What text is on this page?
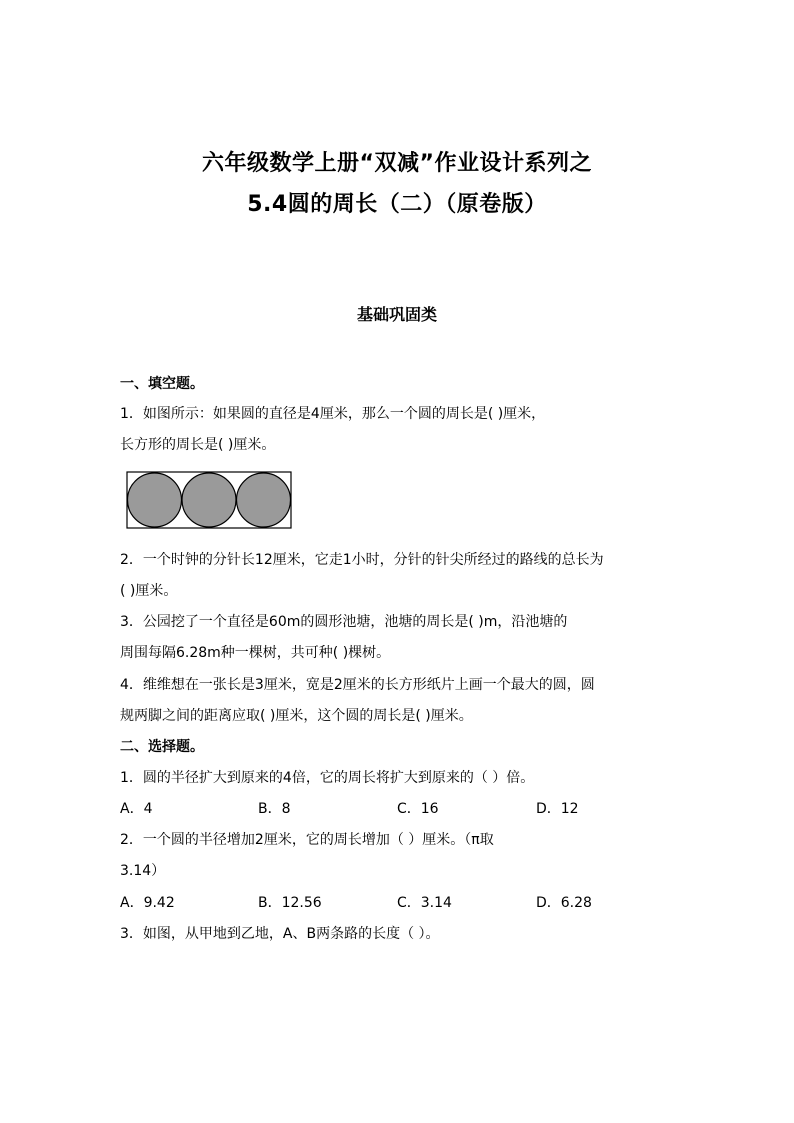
六年级数学上册“双减”作业设计系列之
5.4圆的周长（二）（原卷版）
基础巩固类
一、填空题。
1．如图所示：如果圆的直径是4厘米，那么一个圆的周长是( )厘米，
长方形的周长是( )厘米。
2．一个时钟的分针长12厘米，它走1小时，分针的针尖所经过的路线的总长为
( )厘米。
3．公园挖了一个直径是60m的圆形池塘，池塘的周长是( )m，沿池塘的
周围每隔6.28m种一棵树，共可种( )棵树。
4．维维想在一张长是3厘米，宽是2厘米的长方形纸片上画一个最大的圆，圆
规两脚之间的距离应取( )厘米，这个圆的周长是( )厘米。
二、选择题。
1．圆的半径扩大到原来的4倍，它的周长将扩大到原来的（ ）倍。
A．4	B．8	C．16	D．12
2．一个圆的半径增加2厘米，它的周长增加（ ）厘米。（π取
3.14）
A．9.42	B．12.56	C．3.14	D．6.28
3．如图，从甲地到乙地，A、B两条路的长度（ ）。
